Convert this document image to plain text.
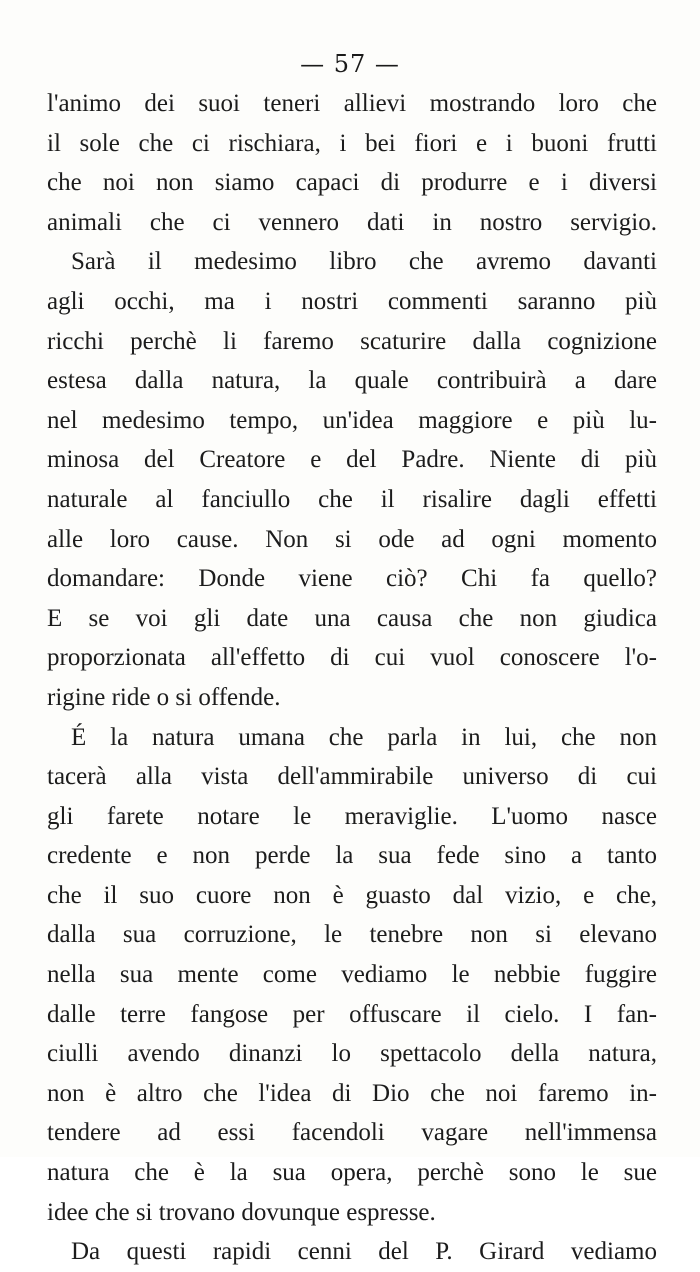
— 57 —
l'animo dei suoi teneri allievi mostrando loro che
il sole che ci rischiara, i bei fiori e i buoni frutti
che noi non siamo capaci di produrre e i diversi
animali che ci vennero dati in nostro servigio.
Sarà il medesimo libro che avremo davanti
agli occhi, ma i nostri commenti saranno più
ricchi perchè li faremo scaturire dalla cognizione
estesa dalla natura, la quale contribuirà a dare
nel medesimo tempo, un'idea maggiore e più lu-
minosa del Creatore e del Padre. Niente di più
naturale al fanciullo che il risalire dagli effetti
alle loro cause. Non si ode ad ogni momento
domandare: Donde viene ciò? Chi fa quello?
E se voi gli date una causa che non giudica
proporzionata all'effetto di cui vuol conoscere l'o-
rigine ride o si offende.
É la natura umana che parla in lui, che non
tacerà alla vista dell'ammirabile universo di cui
gli farete notare le meraviglie. L'uomo nasce
credente e non perde la sua fede sino a tanto
che il suo cuore non è guasto dal vizio, e che,
dalla sua corruzione, le tenebre non si elevano
nella sua mente come vediamo le nebbie fuggire
dalle terre fangose per offuscare il cielo. I fan-
ciulli avendo dinanzi lo spettacolo della natura,
non è altro che l'idea di Dio che noi faremo in-
tendere ad essi facendoli vagare nell'immensa
natura che è la sua opera, perchè sono le sue
idee che si trovano dovunque espresse.
Da questi rapidi cenni del P. Girard vediamo
